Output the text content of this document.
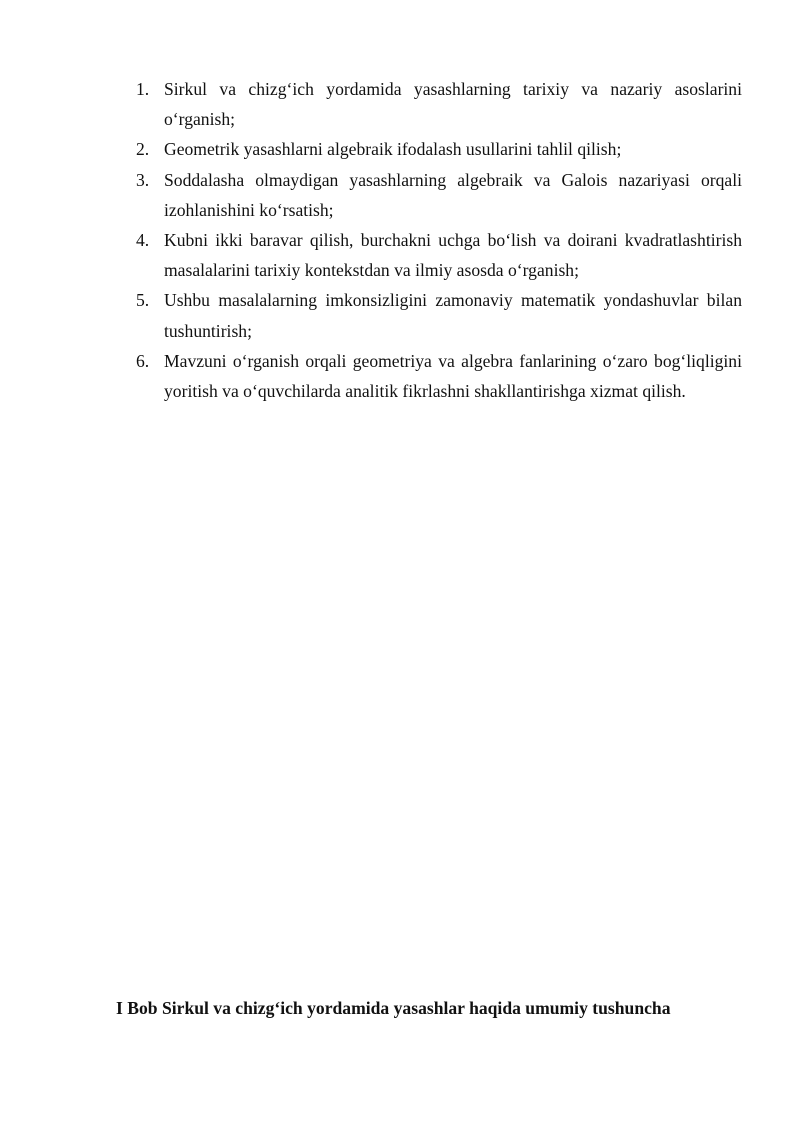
1. Sirkul va chizg‘ich yordamida yasashlarning tarixiy va nazariy asoslarini o‘rganish;
2. Geometrik yasashlarni algebraik ifodalash usullarini tahlil qilish;
3. Soddalasha olmaydigan yasashlarning algebraik va Galois nazariyasi orqali izohlanishini ko‘rsatish;
4. Kubni ikki baravar qilish, burchakni uchga bo‘lish va doirani kvadratlashtirish masalalarini tarixiy kontekstdan va ilmiy asosda o‘rganish;
5. Ushbu masalalarning imkonsizligini zamonaviy matematik yondashuvlar bilan tushuntirish;
6. Mavzuni o‘rganish orqali geometriya va algebra fanlarining o‘zaro bog‘liqligini yoritish va o‘quvchilarda analitik fikrlashni shakllantirishga xizmat qilish.
I Bob Sirkul va chizg‘ich yordamida yasashlar haqida umumiy tushuncha
